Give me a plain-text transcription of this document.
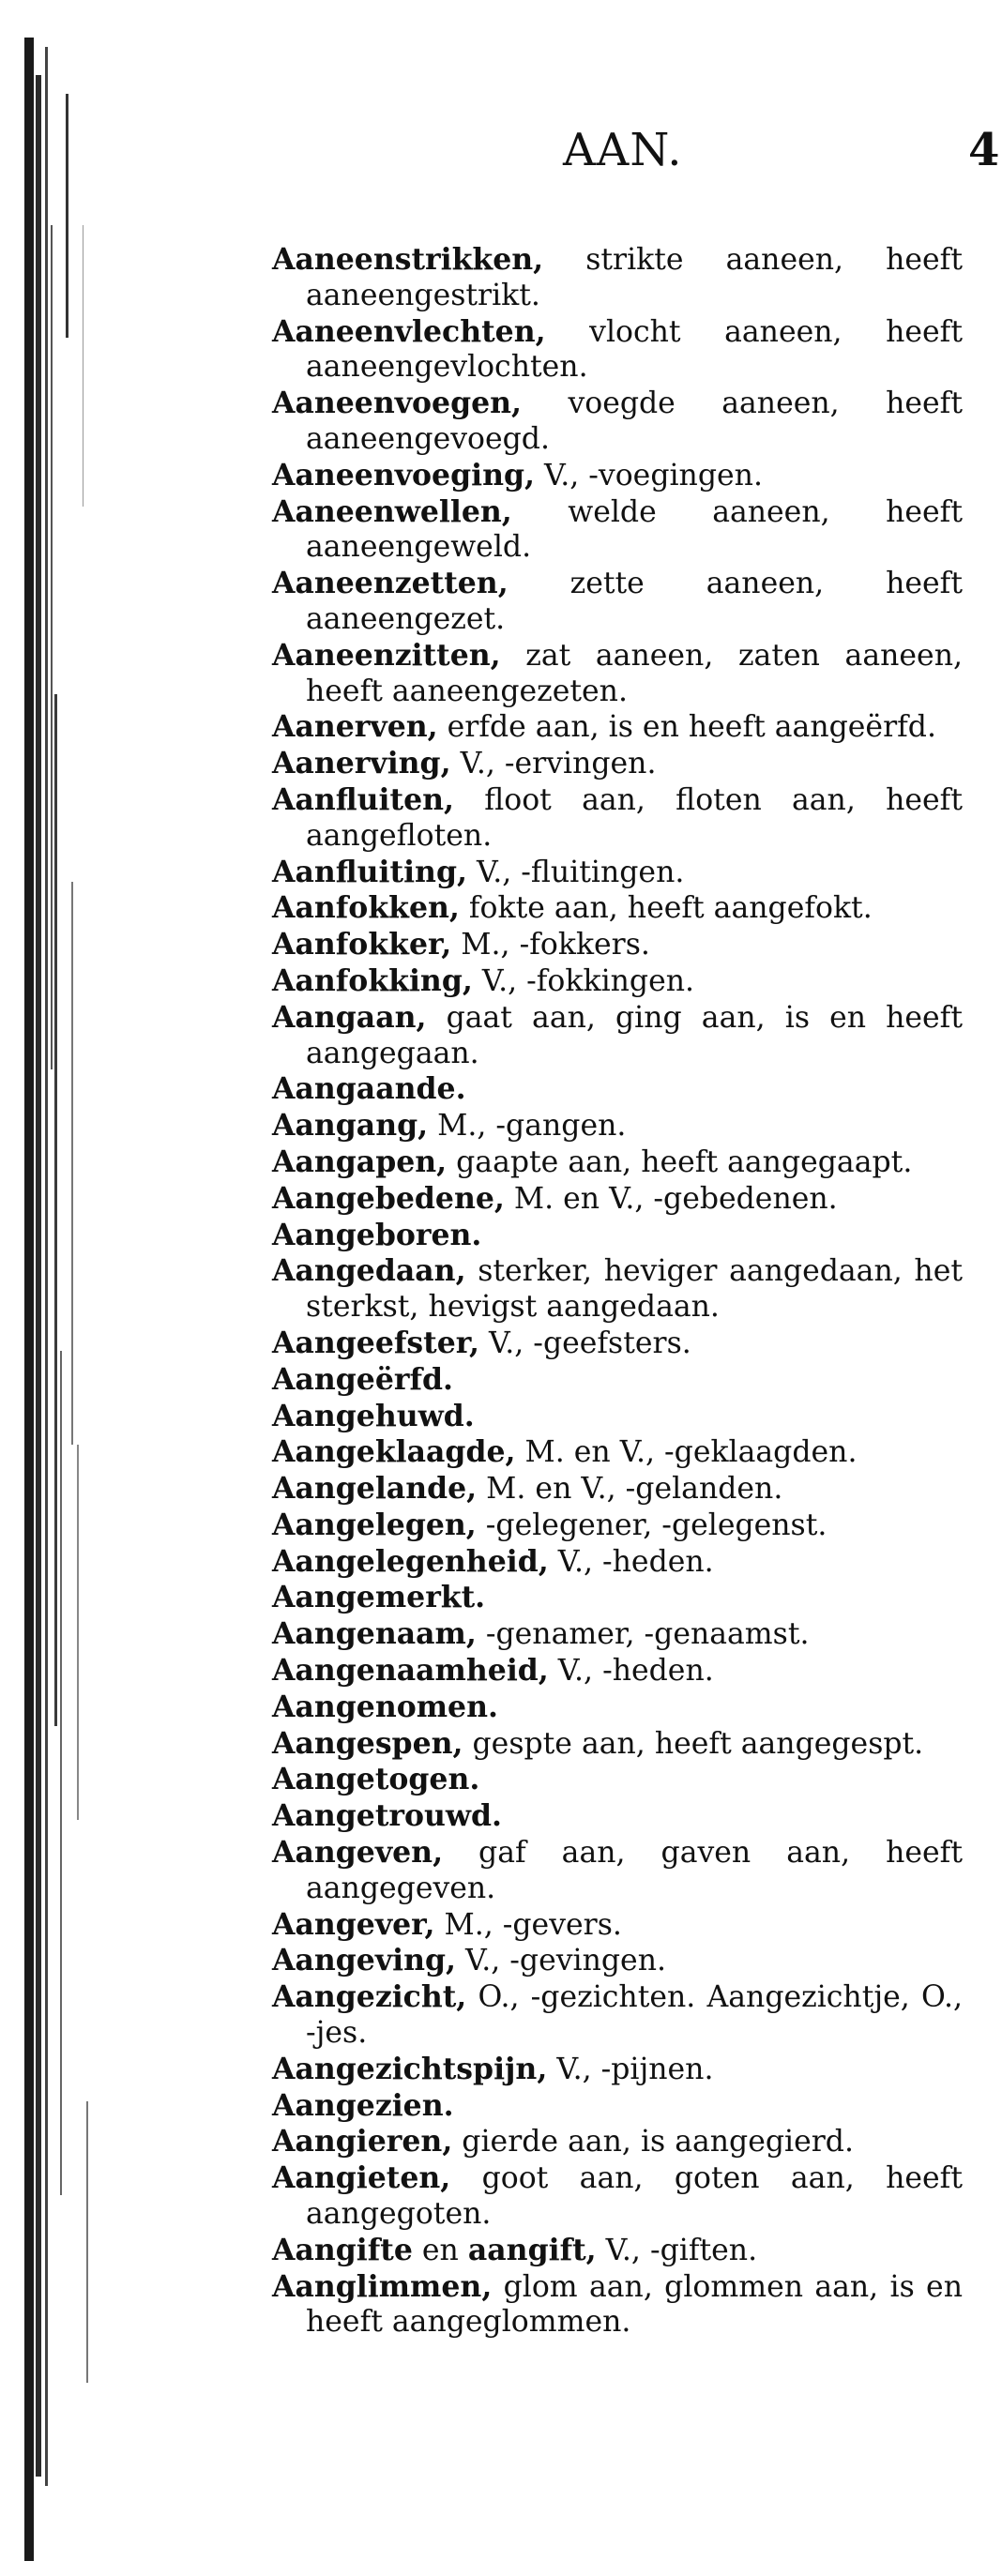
AAN.	4

Aaneenstrikken, strikte aaneen, heeft aaneengestrikt.

Aaneenvlechten, vlocht aaneen, heeft aaneengevlochten.

Aaneenvoegen, voegde aaneen, heeft aaneengevoegd.

Aaneenvoeging, V., -voegingen.

Aaneenwellen, welde aaneen, heeft aaneengeweld.

Aaneenzetten, zette aaneen, heeft aaneengezet.

Aaneenzitten, zat aaneen, zaten aaneen, heeft aaneengezeten.

Aanerven, erfde aan, is en heeft aangeërfd.

Aanerving, V., -ervingen.

Aanfluiten, floot aan, floten aan, heeft aangefloten.

Aanfluiting, V., -fluitingen.

Aanfokken, fokte aan, heeft aangefokt.

Aanfokker, M., -fokkers.

Aanfokking, V., -fokkingen.

Aangaan, gaat aan, ging aan, is en heeft aangegaan.

Aangaande.

Aangang, M., -gangen.

Aangapen, gaapte aan, heeft aangegaapt.

Aangebedene, M. en V., -gebedenen.

Aangeboren.

Aangedaan, sterker, heviger aangedaan, het sterkst, hevigst aangedaan.

Aangeefster, V., -geefsters.

Aangeërfd.

Aangehuwd.

Aangeklaagde, M. en V., -geklaagden.

Aangelande, M. en V., -gelanden.

Aangelegen, -gelegener, -gelegenst.

Aangelegenheid, V., -heden.

Aangemerkt.

Aangenaam, -genamer, -genaamst.

Aangenaamheid, V., -heden.

Aangenomen.

Aangespen, gespte aan, heeft aangegespt.

Aangetogen.

Aangetrouwd.

Aangeven, gaf aan, gaven aan, heeft aangegeven.

Aangever, M., -gevers.

Aangeving, V., -gevingen.

Aangezicht, O., -gezichten. Aangezichtje, O., -jes.

Aangezichtspijn, V., -pijnen.

Aangezien.

Aangieren, gierde aan, is aangegierd.

Aangieten, goot aan, goten aan, heeft aangegoten.

Aangifte en aangift, V., -giften.

Aanglimmen, glom aan, glommen aan, is en heeft aangeglommen.
